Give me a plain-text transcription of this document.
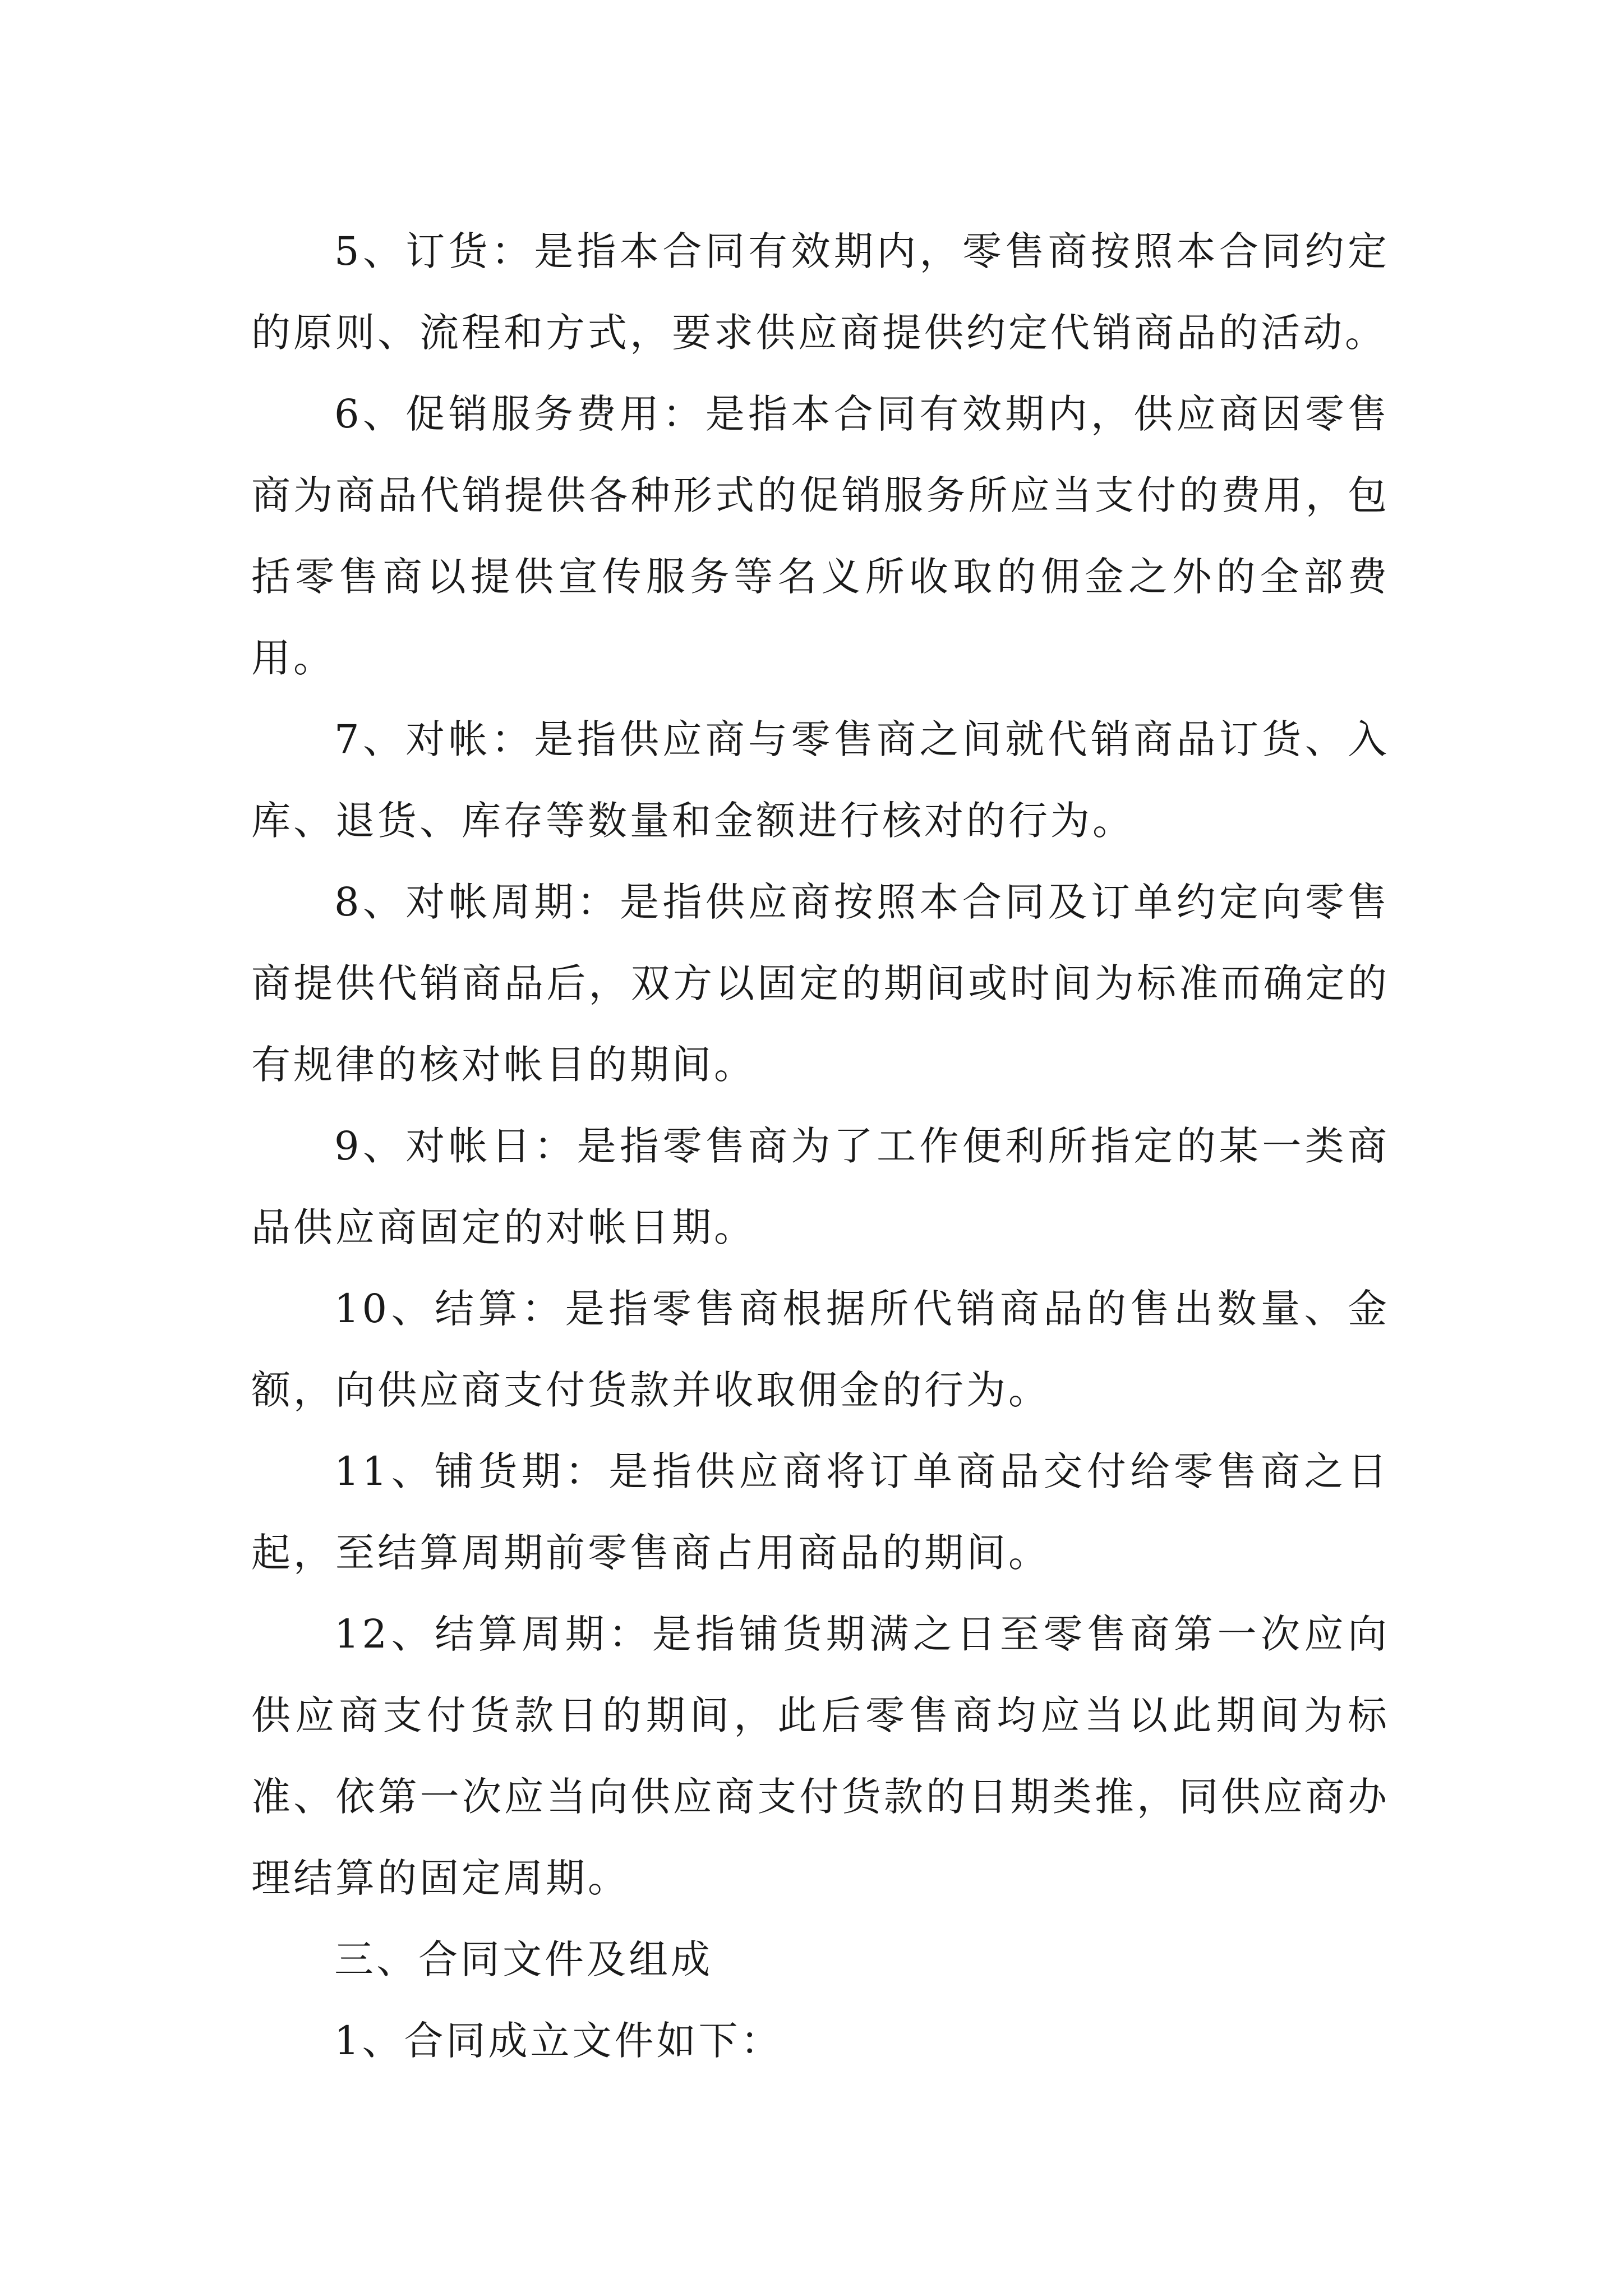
5、订货：是指本合同有效期内，零售商按照本合同约定的原则、流程和方式，要求供应商提供约定代销商品的活动。

6、促销服务费用：是指本合同有效期内，供应商因零售商为商品代销提供各种形式的促销服务所应当支付的费用，包括零售商以提供宣传服务等名义所收取的佣金之外的全部费用。

7、对帐：是指供应商与零售商之间就代销商品订货、入库、退货、库存等数量和金额进行核对的行为。

8、对帐周期：是指供应商按照本合同及订单约定向零售商提供代销商品后，双方以固定的期间或时间为标准而确定的有规律的核对帐目的期间。

9、对帐日：是指零售商为了工作便利所指定的某一类商品供应商固定的对帐日期。

10、结算：是指零售商根据所代销商品的售出数量、金额，向供应商支付货款并收取佣金的行为。

11、铺货期：是指供应商将订单商品交付给零售商之日起，至结算周期前零售商占用商品的期间。

12、结算周期：是指铺货期满之日至零售商第一次应向供应商支付货款日的期间，此后零售商均应当以此期间为标准、依第一次应当向供应商支付货款的日期类推，同供应商办理结算的固定周期。

三、合同文件及组成

1、合同成立文件如下：
